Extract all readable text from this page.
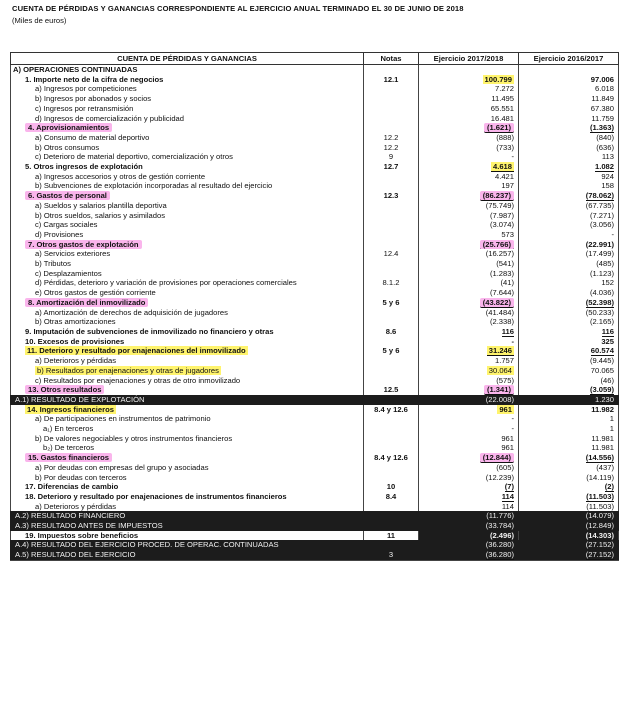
CUENTA DE PÉRDIDAS Y GANANCIAS CORRESPONDIENTE AL EJERCICIO ANUAL TERMINADO EL 30 DE JUNIO DE 2018
(Miles de euros)
CUENTA DE PÉRDIDAS Y GANANCIAS	Notas	Ejercicio 2017/2018	Ejercicio 2016/2017
A) OPERACIONES CONTINUADAS			
1. Importe neto de la cifra de negocios	12.1	100.799	97.006
a) Ingresos por competiciones		7.272	6.018
b) Ingresos por abonados y socios		11.495	11.849
c) Ingresos por retransmisión		65.551	67.380
d) Ingresos de comercialización y publicidad		16.481	11.759
4. Aprovisionamientos		(1.621)	(1.363)
a) Consumo de material deportivo	12.2	(888)	(840)
b) Otros consumos	12.2	(733)	(636)
c) Deterioro de material deportivo, comercialización y otros	9	-	113
5. Otros ingresos de explotación	12.7	4.618	1.082
a) Ingresos accesorios y otros de gestión corriente		4.421	924
b) Subvenciones de explotación incorporadas al resultado del ejercicio		197	158
6. Gastos de personal	12.3	(86.237)	(78.062)
a) Sueldos y salarios plantilla deportiva		(75.749)	(67.735)
b) Otros sueldos, salarios y asimilados		(7.987)	(7.271)
c) Cargas sociales		(3.074)	(3.056)
d) Provisiones		573	-
7. Otros gastos de explotación		(25.766)	(22.991)
a) Servicios exteriores	12.4	(16.257)	(17.499)
b) Tributos		(541)	(485)
c) Desplazamientos		(1.283)	(1.123)
d) Pérdidas, deterioro y variación de provisiones por operaciones comerciales	8.1.2	(41)	152
e) Otros gastos de gestión corriente		(7.644)	(4.036)
8. Amortización del inmovilizado	5 y 6	(43.822)	(52.398)
a) Amortización de derechos de adquisición de jugadores		(41.484)	(50.233)
b) Otras amortizaciones		(2.338)	(2.165)
9. Imputación de subvenciones de inmovilizado no financiero y otras	8.6	116	116
10. Excesos de provisiones		-	325
11. Deterioro y resultado por enajenaciones del inmovilizado	5 y 6	31.246	60.574
a) Deterioros y pérdidas		1.757	(9.445)
b) Resultados por enajenaciones y otras de jugadores		30.064	70.065
c) Resultados por enajenaciones y otras de otro inmovilizado		(575)	(46)
13. Otros resultados	12.5	(1.341)	(3.059)
A.1) RESULTADO DE EXPLOTACIÓN		(22.008)	1.230
14. Ingresos financieros	8.4 y 12.6	961	11.982
a) De participaciones en instrumentos de patrimonio		-	1
a₁) En terceros		-	1
b) De valores negociables y otros instrumentos financieros		961	11.981
b₂) De terceros		961	11.981
15. Gastos financieros	8.4 y 12.6	(12.844)	(14.556)
a) Por deudas con empresas del grupo y asociadas		(605)	(437)
b) Por deudas con terceros		(12.239)	(14.119)
17. Diferencias de cambio	10	(7)	(2)
18. Deterioro y resultado por enajenaciones de instrumentos financieros	8.4	114	(11.503)
a) Deterioros y pérdidas		114	(11.503)
A.2) RESULTADO FINANCIERO		(11.776)	(14.079)
A.3) RESULTADO ANTES DE IMPUESTOS		(33.784)	(12.849)
19. Impuestos sobre beneficios	11	(2.496)	(14.303)
A.4) RESULTADO DEL EJERCICIO PROCED. DE OPERAC. CONTINUADAS		(36.280)	(27.152)
A.5) RESULTADO DEL EJERCICIO	3	(36.280)	(27.152)
